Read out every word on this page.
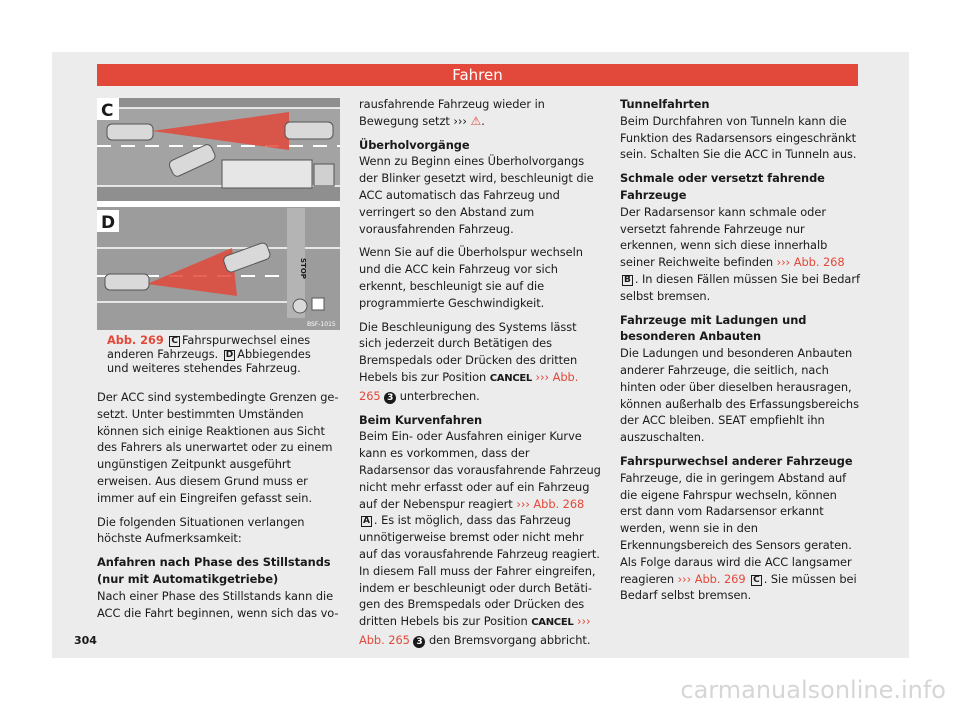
Fahren
C
STOP
D
BSF-1015
Abb. 269 C Fahrspurwechsel eines anderen Fahrzeugs. D Abbiegendes und weiteres stehendes Fahrzeug.

Der ACC sind systembedingte Grenzen gesetzt. Unter bestimmten Umständen können sich einige Reaktionen aus Sicht des Fahrers als unerwartet oder zu einem ungünstigen Zeitpunkt ausgeführt erweisen. Aus diesem Grund muss er immer auf ein Eingreifen gefasst sein.

Die folgenden Situationen verlangen höchste Aufmerksamkeit:

Anfahren nach Phase des Stillstands (nur mit Automatikgetriebe)

Nach einer Phase des Stillstands kann die ACC die Fahrt beginnen, wenn sich das vo-

rausfahrende Fahrzeug wieder in Bewegung setzt ››› ⚠.

Überholvorgänge

Wenn zu Beginn eines Überholvorgangs der Blinker gesetzt wird, beschleunigt die ACC automatisch das Fahrzeug und verringert so den Abstand zum vorausfahrenden Fahrzeug.

Wenn Sie auf die Überholspur wechseln und die ACC kein Fahrzeug vor sich erkennt, beschleunigt sie auf die programmierte Geschwindigkeit.

Die Beschleunigung des Systems lässt sich jederzeit durch Betätigen des Bremspedals oder Drücken des dritten Hebels bis zur Position CANCEL ››› Abb. 265 3 unterbrechen.

Beim Kurvenfahren

Beim Ein- oder Ausfahren einiger Kurve kann es vorkommen, dass der Radarsensor das vorausfahrende Fahrzeug nicht mehr erfasst oder auf ein Fahrzeug auf der Nebenspur reagiert ››› Abb. 268 A . Es ist möglich, dass das Fahrzeug unnötigerweise bremst oder nicht mehr auf das vorausfahrende Fahrzeug reagiert. In diesem Fall muss der Fahrer eingreifen, indem er beschleunigt oder durch Betätigen des Bremspedals oder Drücken des dritten Hebels bis zur Position CANCEL ››› Abb. 265 3 den Bremsvorgang abbricht.

Tunnelfahrten

Beim Durchfahren von Tunneln kann die Funktion des Radarsensors eingeschränkt sein. Schalten Sie die ACC in Tunneln aus.

Schmale oder versetzt fahrende Fahrzeuge

Der Radarsensor kann schmale oder versetzt fahrende Fahrzeuge nur erkennen, wenn sich diese innerhalb seiner Reichweite befinden ››› Abb. 268 B . In diesen Fällen müssen Sie bei Bedarf selbst bremsen.

Fahrzeuge mit Ladungen und besonderen Anbauten

Die Ladungen und besonderen Anbauten anderer Fahrzeuge, die seitlich, nach hinten oder über dieselben herausragen, können außerhalb des Erfassungsbereichs der ACC bleiben. SEAT empfiehlt ihn auszuschalten.

Fahrspurwechsel anderer Fahrzeuge

Fahrzeuge, die in geringem Abstand auf die eigene Fahrspur wechseln, können erst dann vom Radarsensor erkannt werden, wenn sie in den Erkennungsbereich des Sensors geraten. Als Folge daraus wird die ACC langsamer reagieren ››› Abb. 269 C . Sie müssen bei Bedarf selbst bremsen.

304
carmanualsonline.info
